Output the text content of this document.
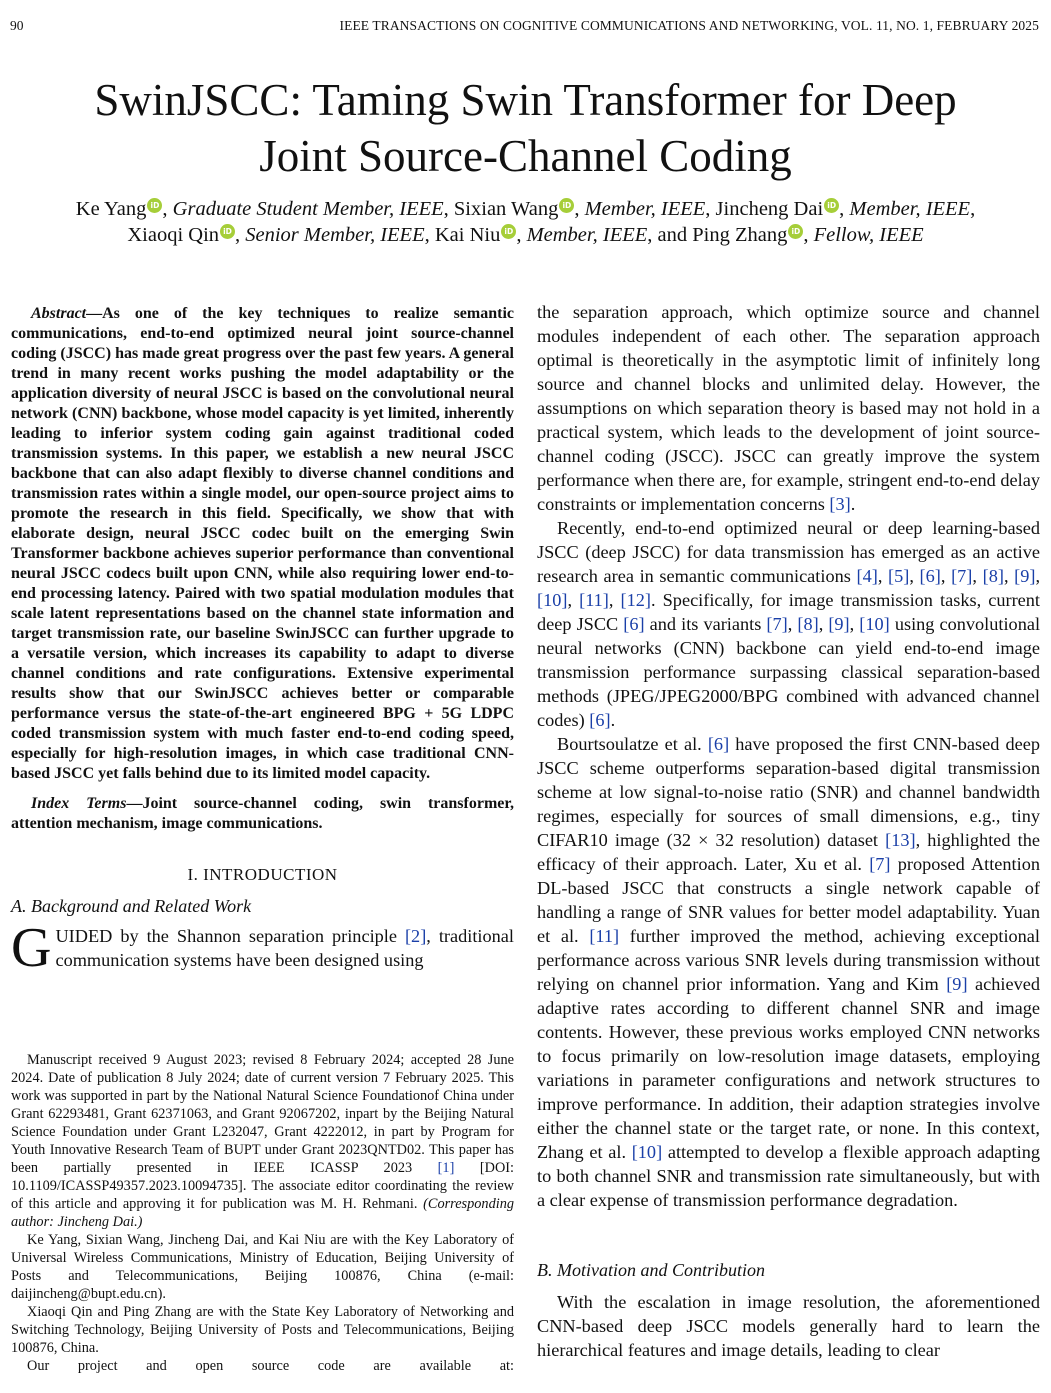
90	IEEE TRANSACTIONS ON COGNITIVE COMMUNICATIONS AND NETWORKING, VOL. 11, NO. 1, FEBRUARY 2025
SwinJSCC: Taming Swin Transformer for Deep
Joint Source-Channel Coding
Ke Yang iD , Graduate Student Member, IEEE, Sixian Wang iD , Member, IEEE, Jincheng Dai iD , Member, IEEE,
Xiaoqi Qin iD , Senior Member, IEEE, Kai Niu iD , Member, IEEE, and Ping Zhang iD , Fellow, IEEE

Abstract—As one of the key techniques to realize semantic communications, end-to-end optimized neural joint source-channel coding (JSCC) has made great progress over the past few years. A general trend in many recent works pushing the model adaptability or the application diversity of neural JSCC is based on the convolutional neural network (CNN) backbone, whose model capacity is yet limited, inherently leading to inferior system coding gain against traditional coded transmission systems. In this paper, we establish a new neural JSCC backbone that can also adapt flexibly to diverse channel conditions and transmission rates within a single model, our open-source project aims to promote the research in this field. Specifically, we show that with elaborate design, neural JSCC codec built on the emerging Swin Transformer backbone achieves superior performance than conventional neural JSCC codecs built upon CNN, while also requiring lower end-to-end processing latency. Paired with two spatial modulation modules that scale latent representations based on the channel state information and target transmission rate, our baseline SwinJSCC can further upgrade to a versatile version, which increases its capability to adapt to diverse channel conditions and rate configurations. Extensive experimental results show that our SwinJSCC achieves better or comparable performance versus the state-of-the-art engineered BPG + 5G LDPC coded transmission system with much faster end-to-end coding speed, especially for high-resolution images, in which case traditional CNN-based JSCC yet falls behind due to its limited model capacity.

Index Terms—Joint source-channel coding, swin transformer, attention mechanism, image communications.

I. INTRODUCTION
A. Background and Related Work

GUIDED by the Shannon separation principle [2], traditional communication systems have been designed using

Manuscript received 9 August 2023; revised 8 February 2024; accepted 28 June 2024. Date of publication 8 July 2024; date of current version 7 February 2025. This work was supported in part by the National Natural Science Foundationof China under Grant 62293481, Grant 62371063, and Grant 92067202, inpart by the Beijing Natural Science Foundation under Grant L232047, Grant 4222012, in part by Program for Youth Innovative Research Team of BUPT under Grant 2023QNTD02. This paper has been partially presented in IEEE ICASSP 2023 [1] [DOI: 10.1109/ICASSP49357.2023.10094735]. The associate editor coordinating the review of this article and approving it for publication was M. H. Rehmani. (Corresponding author: Jincheng Dai.)

Ke Yang, Sixian Wang, Jincheng Dai, and Kai Niu are with the Key Laboratory of Universal Wireless Communications, Ministry of Education, Beijing University of Posts and Telecommunications, Beijing 100876, China (e-mail: daijincheng@bupt.edu.cn).

Xiaoqi Qin and Ping Zhang are with the State Key Laboratory of Networking and Switching Technology, Beijing University of Posts and Telecommunications, Beijing 100876, China.

Our project and open source code are available at:

the separation approach, which optimize source and channel modules independent of each other. The separation approach optimal is theoretically in the asymptotic limit of infinitely long source and channel blocks and unlimited delay. However, the assumptions on which separation theory is based may not hold in a practical system, which leads to the development of joint source-channel coding (JSCC). JSCC can greatly improve the system performance when there are, for example, stringent end-to-end delay constraints or implementation concerns [3].

Recently, end-to-end optimized neural or deep learning-based JSCC (deep JSCC) for data transmission has emerged as an active research area in semantic communications [4], [5], [6], [7], [8], [9], [10], [11], [12]. Specifically, for image transmission tasks, current deep JSCC [6] and its variants [7], [8], [9], [10] using convolutional neural networks (CNN) backbone can yield end-to-end image transmission performance surpassing classical separation-based methods (JPEG/JPEG2000/BPG combined with advanced channel codes) [6].

Bourtsoulatze et al. [6] have proposed the first CNN-based deep JSCC scheme outperforms separation-based digital transmission scheme at low signal-to-noise ratio (SNR) and channel bandwidth regimes, especially for sources of small dimensions, e.g., tiny CIFAR10 image (32 × 32 resolution) dataset [13], highlighted the efficacy of their approach. Later, Xu et al. [7] proposed Attention DL-based JSCC that constructs a single network capable of handling a range of SNR values for better model adaptability. Yuan et al. [11] further improved the method, achieving exceptional performance across various SNR levels during transmission without relying on channel prior information. Yang and Kim [9] achieved adaptive rates according to different channel SNR and image contents. However, these previous works employed CNN networks to focus primarily on low-resolution image datasets, employing variations in parameter configurations and network structures to improve performance. In addition, their adaption strategies involve either the channel state or the target rate, or none. In this context, Zhang et al. [10] attempted to develop a flexible approach adapting to both channel SNR and transmission rate simultaneously, but with a clear expense of transmission performance degradation.

B. Motivation and Contribution

With the escalation in image resolution, the aforementioned CNN-based deep JSCC models generally hard to learn the hierarchical features and image details, leading to clear
